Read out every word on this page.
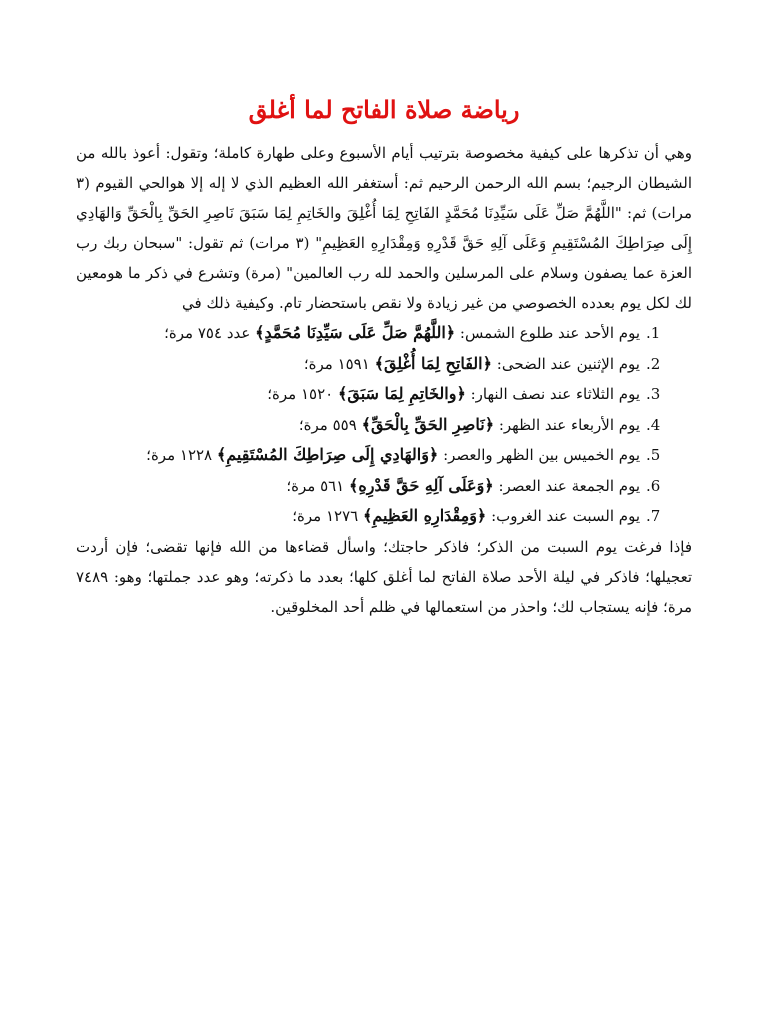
رياضة صلاة الفاتح لما أغلق

وهي أن تذكرها على كيفية مخصوصة بترتيب أيام الأسبوع وعلى طهارة كاملة؛ وتقول: أعوذ بالله من الشيطان الرجيم؛ بسم الله الرحمن الرحيم ثم: أستغفر الله العظيم الذي لا إله إلا هوالحي القيوم (٣ مرات) ثم: "اللَّهُمَّ صَلِّ عَلَى سَيِّدِنَا مُحَمَّدٍ الفَاتِحِ لِمَا أُغْلِقَ والخَاتِمِ لِمَا سَبَقَ نَاصِرِ الحَقِّ بِالْحَقِّ وَالهَادِي إِلَى صِرَاطِكَ المُسْتَقِيمِ وَعَلَى آلِهِ حَقَّ قَدْرِهِ وَمِقْدَارِهِ العَظِيمِ" (٣ مرات) ثم تقول: "سبحان ربك رب العزة عما يصفون وسلام على المرسلين والحمد لله رب العالمين" (مرة) وتشرع في ذكر ما هومعين لك لكل يوم بعدده الخصوصي من غير زيادة ولا نقص باستحضار تام. وكيفية ذلك في

1.يوم الأحد عند طلوع الشمس: ﴿اللَّهُمَّ صَلِّ عَلَى سَيِّدِنَا مُحَمَّدٍ﴾ عدد ٧٥٤ مرة؛
2.يوم الإثنين عند الضحى: ﴿الفَاتِحِ لِمَا أُغْلِقَ﴾ ١٥٩١ مرة؛
3.يوم الثلاثاء عند نصف النهار: ﴿والخَاتِمِ لِمَا سَبَقَ﴾ ١٥٢٠ مرة؛
4.يوم الأربعاء عند الظهر: ﴿نَاصِرِ الحَقِّ بِالْحَقِّ﴾ ٥٥٩ مرة؛
5.يوم الخميس بين الظهر والعصر: ﴿وَالهَادِي إِلَى صِرَاطِكَ المُسْتَقِيمِ﴾ ١٢٢٨ مرة؛
6.يوم الجمعة عند العصر: ﴿وَعَلَى آلِهِ حَقَّ قَدْرِهِ﴾ ٥٦١ مرة؛
7.يوم السبت عند الغروب: ﴿وَمِقْدَارِهِ العَظِيمِ﴾ ١٢٧٦ مرة؛

فإذا فرغت يوم السبت من الذكر؛ فاذكر حاجتك؛ واسأل قضاءها من الله فإنها تقضى؛ فإن أردت تعجيلها؛ فاذكر في ليلة الأحد صلاة الفاتح لما أغلق كلها؛ بعدد ما ذكرته؛ وهو عدد جملتها؛ وهو: ٧٤٨٩ مرة؛ فإنه يستجاب لك؛ واحذر من استعمالها في ظلم أحد المخلوقين.
